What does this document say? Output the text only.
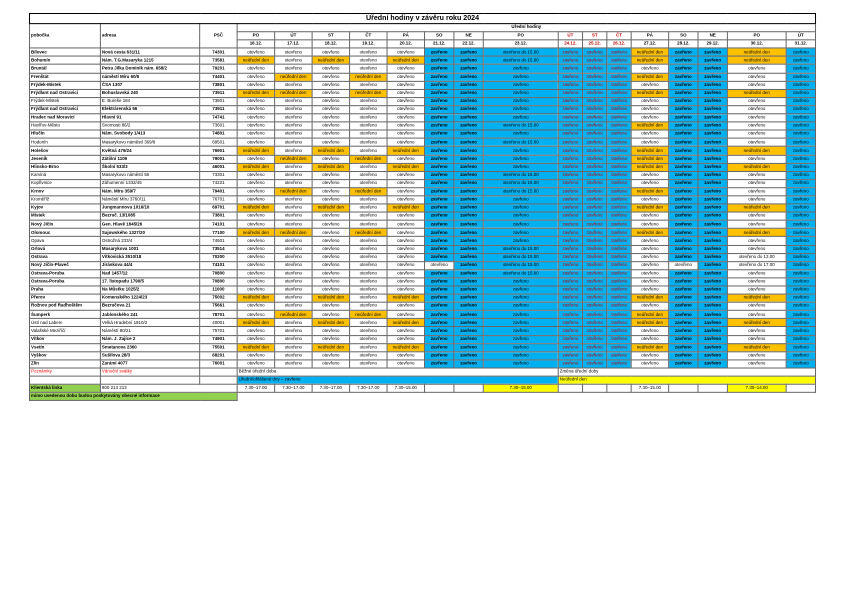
Úřední hodiny v závěru roku 2024																		
pobočka	adresa	PSČ	Úřední hodiny															
			PO	ÚT	ST	ČT	PÁ	SO	NE	PO	ÚT	ST	ČT	PÁ	SO	NE	PO	ÚT
			16.12.	17.12.	18.12.	19.12.	20.12.	21.12.	22.12.	23.12.	24.12.	25.12.	26.12.	27.12.	28.12.	29.12.	30.12.	31.12.
Bílovec	Nová cesta 631/11	74301	otevřeno	otevřeno	otevřeno	otevřeno	otevřeno	zavřeno	zavřeno	otevřeno do 15.00	zavřeno	zavřeno	zavřeno	neúřední den	zavřeno	zavřeno	neúřední den	zavřeno
Bohumín	Nám. T.G.Masaryka 1215	73581	neúřední den	otevřeno	neúřední den	otevřeno	neúřední den	zavřeno	zavřeno	otevřeno do 15.00	zavřeno	zavřeno	zavřeno	neúřední den	zavřeno	zavřeno	neúřední den	zavřeno
Bruntál	Petra Jilka Dominik nám. 658/2	79201	otevřeno	otevřeno	otevřeno	otevřeno	otevřeno	zavřeno	zavřeno	zavřeno	zavřeno	zavřeno	zavřeno	otevřeno	zavřeno	zavřeno	otevřeno	zavřeno
Frenštát	náměstí Míru 60/5	74401	otevřeno	neúřední den	otevřeno	neúřední den	otevřeno	zavřeno	zavřeno	zavřeno	zavřeno	zavřeno	zavřeno	neúřední den	zavřeno	zavřeno	otevřeno	zavřeno
Frýdek-Místek	ČSA 1307	73801	otevřeno	otevřeno	otevřeno	otevřeno	otevřeno	zavřeno	zavřeno	zavřeno	zavřeno	zavřeno	zavřeno	otevřeno	zavřeno	zavřeno	otevřeno	zavřeno
Frýdlant nad Ostravicí	Bohuslavská 240	73911	neúřední den	neúřední den	otevřeno	neúřední den	otevřeno	zavřeno	zavřeno	zavřeno	zavřeno	zavřeno	zavřeno	neúřední den	zavřeno	zavřeno	neúřední den	zavřeno
Frýdek-Místek	E. Bureše 184	73801	otevřeno	otevřeno	otevřeno	otevřeno	otevřeno	zavřeno	zavřeno	zavřeno	zavřeno	zavřeno	zavřeno	otevřeno	zavřeno	zavřeno	otevřeno	zavřeno
Frýdlant nad Ostravicí	Elektrárenská 56	73911	otevřeno	otevřeno	otevřeno	otevřeno	otevřeno	zavřeno	zavřeno	zavřeno	zavřeno	zavřeno	zavřeno	otevřeno	zavřeno	zavřeno	otevřeno	zavřeno
Hradec nad Moravicí	Hlavní 91	74741	otevřeno	otevřeno	otevřeno	otevřeno	otevřeno	zavřeno	zavřeno	zavřeno	zavřeno	zavřeno	zavřeno	otevřeno	zavřeno	zavřeno	otevřeno	zavřeno
Havířov-Město	Svornosti 86/2	73601	otevřeno	otevřeno	otevřeno	otevřeno	otevřeno	zavřeno	zavřeno	otevřeno do 15.00	zavřeno	zavřeno	zavřeno	neúřední den	zavřeno	zavřeno	otevřeno	zavřeno
Hlučín	Nám. Svobody 1/413	74801	otevřeno	otevřeno	otevřeno	otevřeno	otevřeno	zavřeno	zavřeno	zavřeno	zavřeno	zavřeno	zavřeno	otevřeno	zavřeno	zavřeno	otevřeno	zavřeno
Hodonín	Masarykovo náměstí 369/8	69501	otevřeno	otevřeno	otevřeno	otevřeno	otevřeno	zavřeno	zavřeno	otevřeno do 15.00	zavřeno	zavřeno	zavřeno	otevřeno	zavřeno	zavřeno	otevřeno	zavřeno
Holešov	Květná 479/24	76901	neúřední den	otevřeno	neúřední den	otevřeno	neúřední den	zavřeno	zavřeno	zavřeno	zavřeno	zavřeno	zavřeno	neúřední den	zavřeno	zavřeno	neúřední den	zavřeno
Jeseník	Zátišní 1109	79001	otevřeno	neúřední den	otevřeno	neúřední den	otevřeno	zavřeno	zavřeno	zavřeno	zavřeno	zavřeno	zavřeno	neúřední den	zavřeno	zavřeno	otevřeno	zavřeno
Hlinsko-Brno	Školní 533/3	46001	neúřední den	otevřeno	neúřední den	otevřeno	neúřední den	zavřeno	zavřeno	zavřeno	zavřeno	zavřeno	zavřeno	neúřední den	zavřeno	zavřeno	neúřední den	zavřeno
Karviná	Masarykovo náměstí 56	73301	otevřeno	otevřeno	otevřeno	otevřeno	otevřeno	zavřeno	zavřeno	otevřeno do 15.00	zavřeno	zavřeno	zavřeno	otevřeno	zavřeno	zavřeno	otevřeno	zavřeno
Kopřivnice	Záhumenní 1332/45	74221	otevřeno	otevřeno	otevřeno	otevřeno	otevřeno	zavřeno	zavřeno	otevřeno do 15.00	zavřeno	zavřeno	zavřeno	otevřeno	zavřeno	zavřeno	otevřeno	zavřeno
Krnov	Nám. Míru 359/7	79401	otevřeno	neúřední den	otevřeno	neúřední den	otevřeno	zavřeno	zavřeno	otevřeno do 15.00	zavřeno	zavřeno	zavřeno	neúřední den	zavřeno	zavřeno	otevřeno	zavřeno
Kroměříž	Náměstí Míru 3760/11	76701	otevřeno	otevřeno	otevřeno	otevřeno	otevřeno	zavřeno	zavřeno	zavřeno	zavřeno	zavřeno	zavřeno	otevřeno	zavřeno	zavřeno	otevřeno	zavřeno
Kyjov	Jungmannova 1016/10	69701	neúřední den	otevřeno	neúřední den	otevřeno	neúřední den	zavřeno	zavřeno	zavřeno	zavřeno	zavřeno	zavřeno	neúřední den	zavřeno	zavřeno	neúřední den	zavřeno
Místek	Bezruč. 13/1085	73801	otevřeno	otevřeno	otevřeno	otevřeno	otevřeno	zavřeno	zavřeno	zavřeno	zavřeno	zavřeno	zavřeno	otevřeno	zavřeno	zavřeno	otevřeno	zavřeno
Nový Jičín	Gen. Hlavě 1845/26	74101	otevřeno	otevřeno	otevřeno	otevřeno	otevřeno	zavřeno	zavřeno	zavřeno	zavřeno	zavřeno	zavřeno	otevřeno	zavřeno	zavřeno	otevřeno	zavřeno
Olomouc	Sajowského 1327/20	77100	neúřední den	neúřední den	otevřeno	neúřední den	otevřeno	zavřeno	zavřeno	zavřeno	zavřeno	zavřeno	zavřeno	neúřední den	zavřeno	zavřeno	neúřední den	zavřeno
Opava	Ostrožná 233/4	74601	otevřeno	otevřeno	otevřeno	otevřeno	otevřeno	zavřeno	zavřeno	zavřeno	zavřeno	zavřeno	zavřeno	otevřeno	zavřeno	zavřeno	otevřeno	zavřeno
Orlová	Masarykova 1001	73514	otevřeno	otevřeno	otevřeno	otevřeno	otevřeno	zavřeno	zavřeno	otevřeno do 15.00	zavřeno	zavřeno	zavřeno	otevřeno	zavřeno	zavřeno	otevřeno	zavřeno
Ostrava	Vítkovická 3510/18	70200	otevřeno	otevřeno	otevřeno	otevřeno	otevřeno	zavřeno	zavřeno	otevřeno do 15.00	zavřeno	zavřeno	zavřeno	otevřeno	zavřeno	zavřeno	otevřeno do 13.00	zavřeno
Nový Jičín-Plaveč	Jiráskova 44/4	74101	otevřeno	otevřeno	otevřeno	otevřeno	otevřeno	otevřeno	zavřeno	otevřeno do 15.00	zavřeno	zavřeno	zavřeno	otevřeno	otevřeno	zavřeno	otevřeno do 17.00	zavřeno
Ostrava-Poruba	Nad 1457/12	70800	otevřeno	otevřeno	otevřeno	otevřeno	otevřeno	zavřeno	zavřeno	otevřeno do 15.00	zavřeno	zavřeno	zavřeno	otevřeno	zavřeno	zavřeno	otevřeno	zavřeno
Ostrava-Poruba	17. listopadu 1790/5	70800	otevřeno	otevřeno	otevřeno	otevřeno	otevřeno	zavřeno	zavřeno	zavřeno	zavřeno	zavřeno	zavřeno	otevřeno	zavřeno	zavřeno	otevřeno	zavřeno
Praha	Na Můstku 1025/2	11000	otevřeno	otevřeno	otevřeno	otevřeno	otevřeno	zavřeno	zavřeno	zavřeno	zavřeno	zavřeno	zavřeno	otevřeno	zavřeno	zavřeno	otevřeno	zavřeno
Přerov	Komenského 1224/23	75002	neúřední den	otevřeno	neúřední den	otevřeno	neúřední den	zavřeno	zavřeno	zavřeno	zavřeno	zavřeno	zavřeno	neúřední den	zavřeno	zavřeno	neúřední den	zavřeno
Rožnov pod Radhoštěm	Bezručova 21	75661	otevřeno	otevřeno	otevřeno	otevřeno	otevřeno	zavřeno	zavřeno	zavřeno	zavřeno	zavřeno	zavřeno	otevřeno	zavřeno	zavřeno	otevřeno	zavřeno
Šumperk	Jablonského 241	78701	otevřeno	neúřední den	otevřeno	neúřední den	otevřeno	zavřeno	zavřeno	zavřeno	zavřeno	zavřeno	zavřeno	neúřední den	zavřeno	zavřeno	otevřeno	zavřeno
Ústí nad Labem	Velká Hradební 1910/2	40001	neúřední den	otevřeno	neúřední den	otevřeno	neúřední den	zavřeno	zavřeno	zavřeno	zavřeno	zavřeno	zavřeno	neúřední den	zavřeno	zavřeno	neúřední den	zavřeno
Valašské Meziříčí	Náměstí 80/21	75701	otevřeno	otevřeno	otevřeno	otevřeno	otevřeno	zavřeno	zavřeno	zavřeno	zavřeno	zavřeno	zavřeno	otevřeno	zavřeno	zavřeno	otevřeno	zavřeno
Vítkov	Nám. J. Zajíce 2	74901	otevřeno	otevřeno	otevřeno	otevřeno	otevřeno	zavřeno	zavřeno	zavřeno	zavřeno	zavřeno	zavřeno	otevřeno	zavřeno	zavřeno	otevřeno	zavřeno
Vsetín	Smetanova 2360	75501	neúřední den	otevřeno	neúřední den	otevřeno	neúřední den	zavřeno	zavřeno	zavřeno	zavřeno	zavřeno	zavřeno	neúřední den	zavřeno	zavřeno	neúřední den	zavřeno
Vyškov	Sušilova 28/3	68201	otevřeno	otevřeno	otevřeno	otevřeno	otevřeno	zavřeno	zavřeno	zavřeno	zavřeno	zavřeno	zavřeno	otevřeno	zavřeno	zavřeno	otevřeno	zavřeno
Zlín	Zarámí 4077	76001	otevřeno	otevřeno	otevřeno	otevřeno	otevřeno	zavřeno	zavřeno	zavřeno	zavřeno	zavřeno	zavřeno	otevřeno	zavřeno	zavřeno	otevřeno	zavřeno
Poznámky	Vánoční svátky		Běžné úřední doba								Změna úřední doby							
			Úřední/ohlášené dny – zavřeno								Neúřední den							
Klientská linka	800 213 213		7.30–17.00	7.30–17.00	7.30–17.00	7.30–17.00	7.30–15.00			7.30–15.00				7.30–15.00			7.30–14.00	
mimo uvedenou dobu budou poskytovány obecné informace																		
